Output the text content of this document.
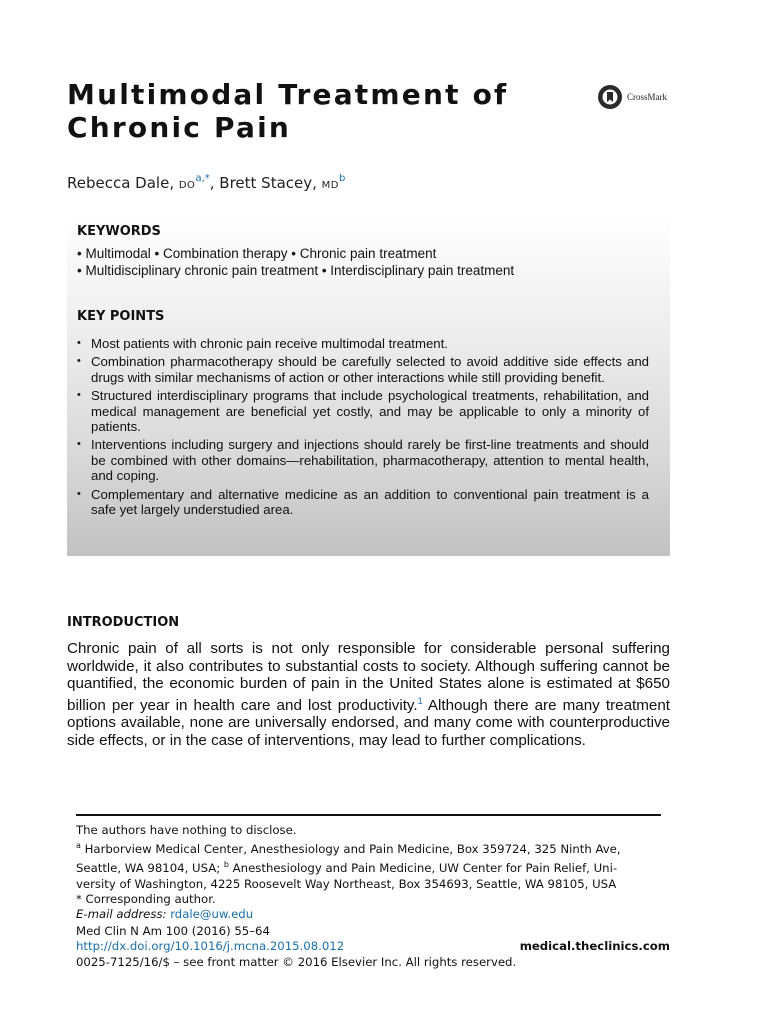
Multimodal Treatment of
Chronic Pain
CrossMark
Rebecca Dale, $DO^{a,*}$, Brett Stacey, $MD^b$
KEYWORDS
• Multimodal • Combination therapy • Chronic pain treatment
• Multidisciplinary chronic pain treatment • Interdisciplinary pain treatment
KEY POINTS
• Most patients with chronic pain receive multimodal treatment.
• Combination pharmacotherapy should be carefully selected to avoid additive side effects and drugs with similar mechanisms of action or other interactions while still providing benefit.
• Structured interdisciplinary programs that include psychological treatments, rehabilitation, and medical management are beneficial yet costly, and may be applicable to only a minority of patients.
• Interventions including surgery and injections should rarely be first-line treatments and should be combined with other domains—rehabilitation, pharmacotherapy, attention to mental health, and coping.
• Complementary and alternative medicine as an addition to conventional pain treatment is a safe yet largely understudied area.
INTRODUCTION

Chronic pain of all sorts is not only responsible for considerable personal suffering worldwide, it also contributes to substantial costs to society. Although suffering cannot be quantified, the economic burden of pain in the United States alone is estimated at $650 billion per year in health care and lost productivity.$^1$ Although there are many treatment options available, none are universally endorsed, and many come with counterproductive side effects, or in the case of interventions, may lead to further complications.

The authors have nothing to disclose.
$^a$ Harborview Medical Center, Anesthesiology and Pain Medicine, Box 359724, 325 Ninth Ave,
Seattle, WA 98104, USA; $^b$ Anesthesiology and Pain Medicine, UW Center for Pain Relief, Uni-
versity of Washington, 4225 Roosevelt Way Northeast, Box 354693, Seattle, WA 98105, USA
* Corresponding author.
E-mail address: rdale@uw.edu
Med Clin N Am 100 (2016) 55–64
http://dx.doi.org/10.1016/j.mcna.2015.08.012
0025-7125/16/$ – see front matter © 2016 Elsevier Inc. All rights reserved.
medical.theclinics.com
